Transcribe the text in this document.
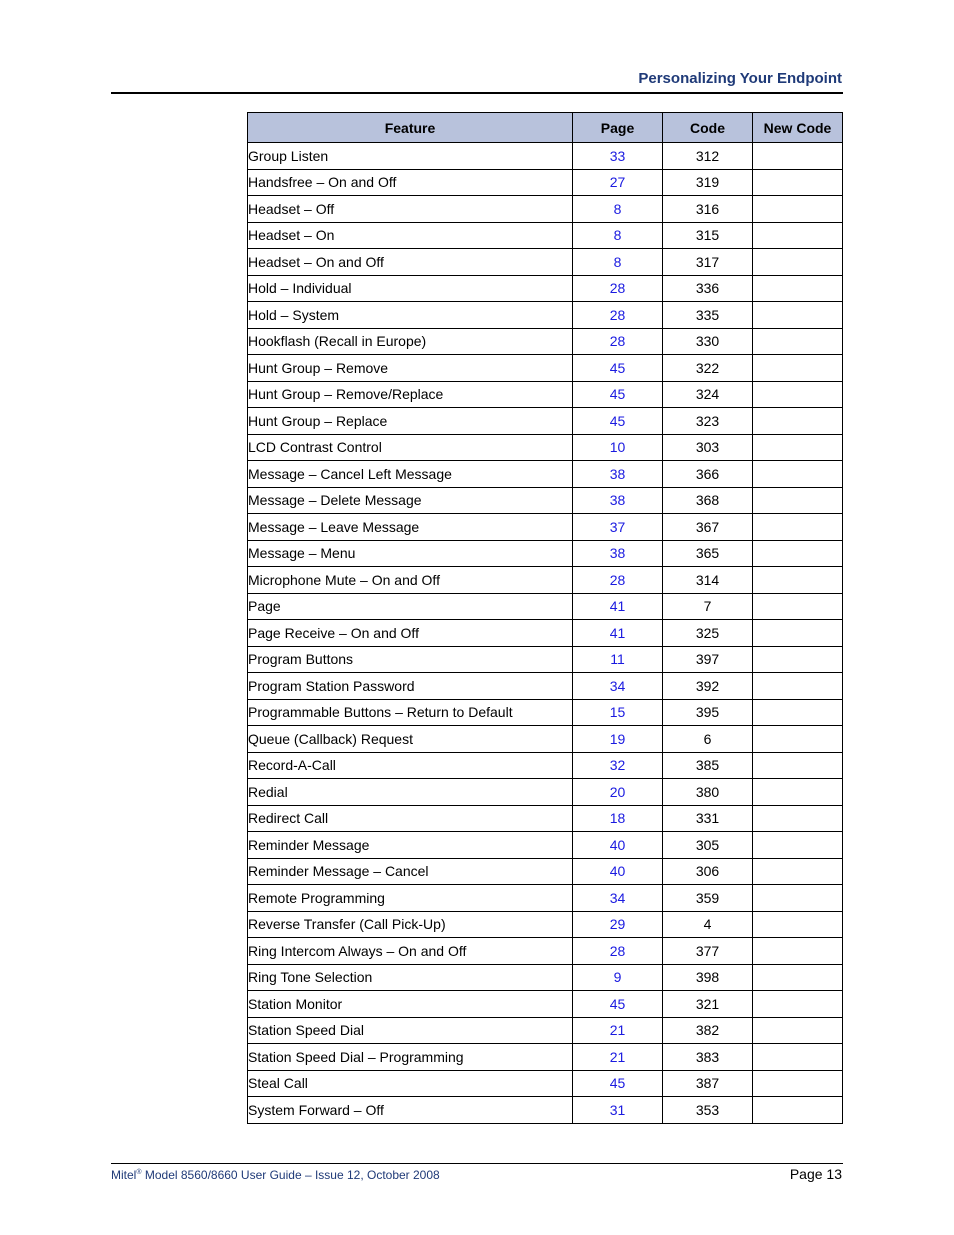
Personalizing Your Endpoint
Feature	Page	Code	New Code
Group Listen	33	312	
Handsfree – On and Off	27	319	
Headset – Off	8	316	
Headset – On	8	315	
Headset – On and Off	8	317	
Hold – Individual	28	336	
Hold – System	28	335	
Hookflash (Recall in Europe)	28	330	
Hunt Group – Remove	45	322	
Hunt Group – Remove/Replace	45	324	
Hunt Group – Replace	45	323	
LCD Contrast Control	10	303	
Message – Cancel Left Message	38	366	
Message – Delete Message	38	368	
Message – Leave Message	37	367	
Message – Menu	38	365	
Microphone Mute – On and Off	28	314	
Page	41	7	
Page Receive – On and Off	41	325	
Program Buttons	11	397	
Program Station Password	34	392	
Programmable Buttons – Return to Default	15	395	
Queue (Callback) Request	19	6	
Record-A-Call	32	385	
Redial	20	380	
Redirect Call	18	331	
Reminder Message	40	305	
Reminder Message – Cancel	40	306	
Remote Programming	34	359	
Reverse Transfer (Call Pick-Up)	29	4	
Ring Intercom Always – On and Off	28	377	
Ring Tone Selection	9	398	
Station Monitor	45	321	
Station Speed Dial	21	382	
Station Speed Dial – Programming	21	383	
Steal Call	45	387	
System Forward – Off	31	353	
Mitel® Model 8560/8660 User Guide – Issue 12, October 2008	Page 13
